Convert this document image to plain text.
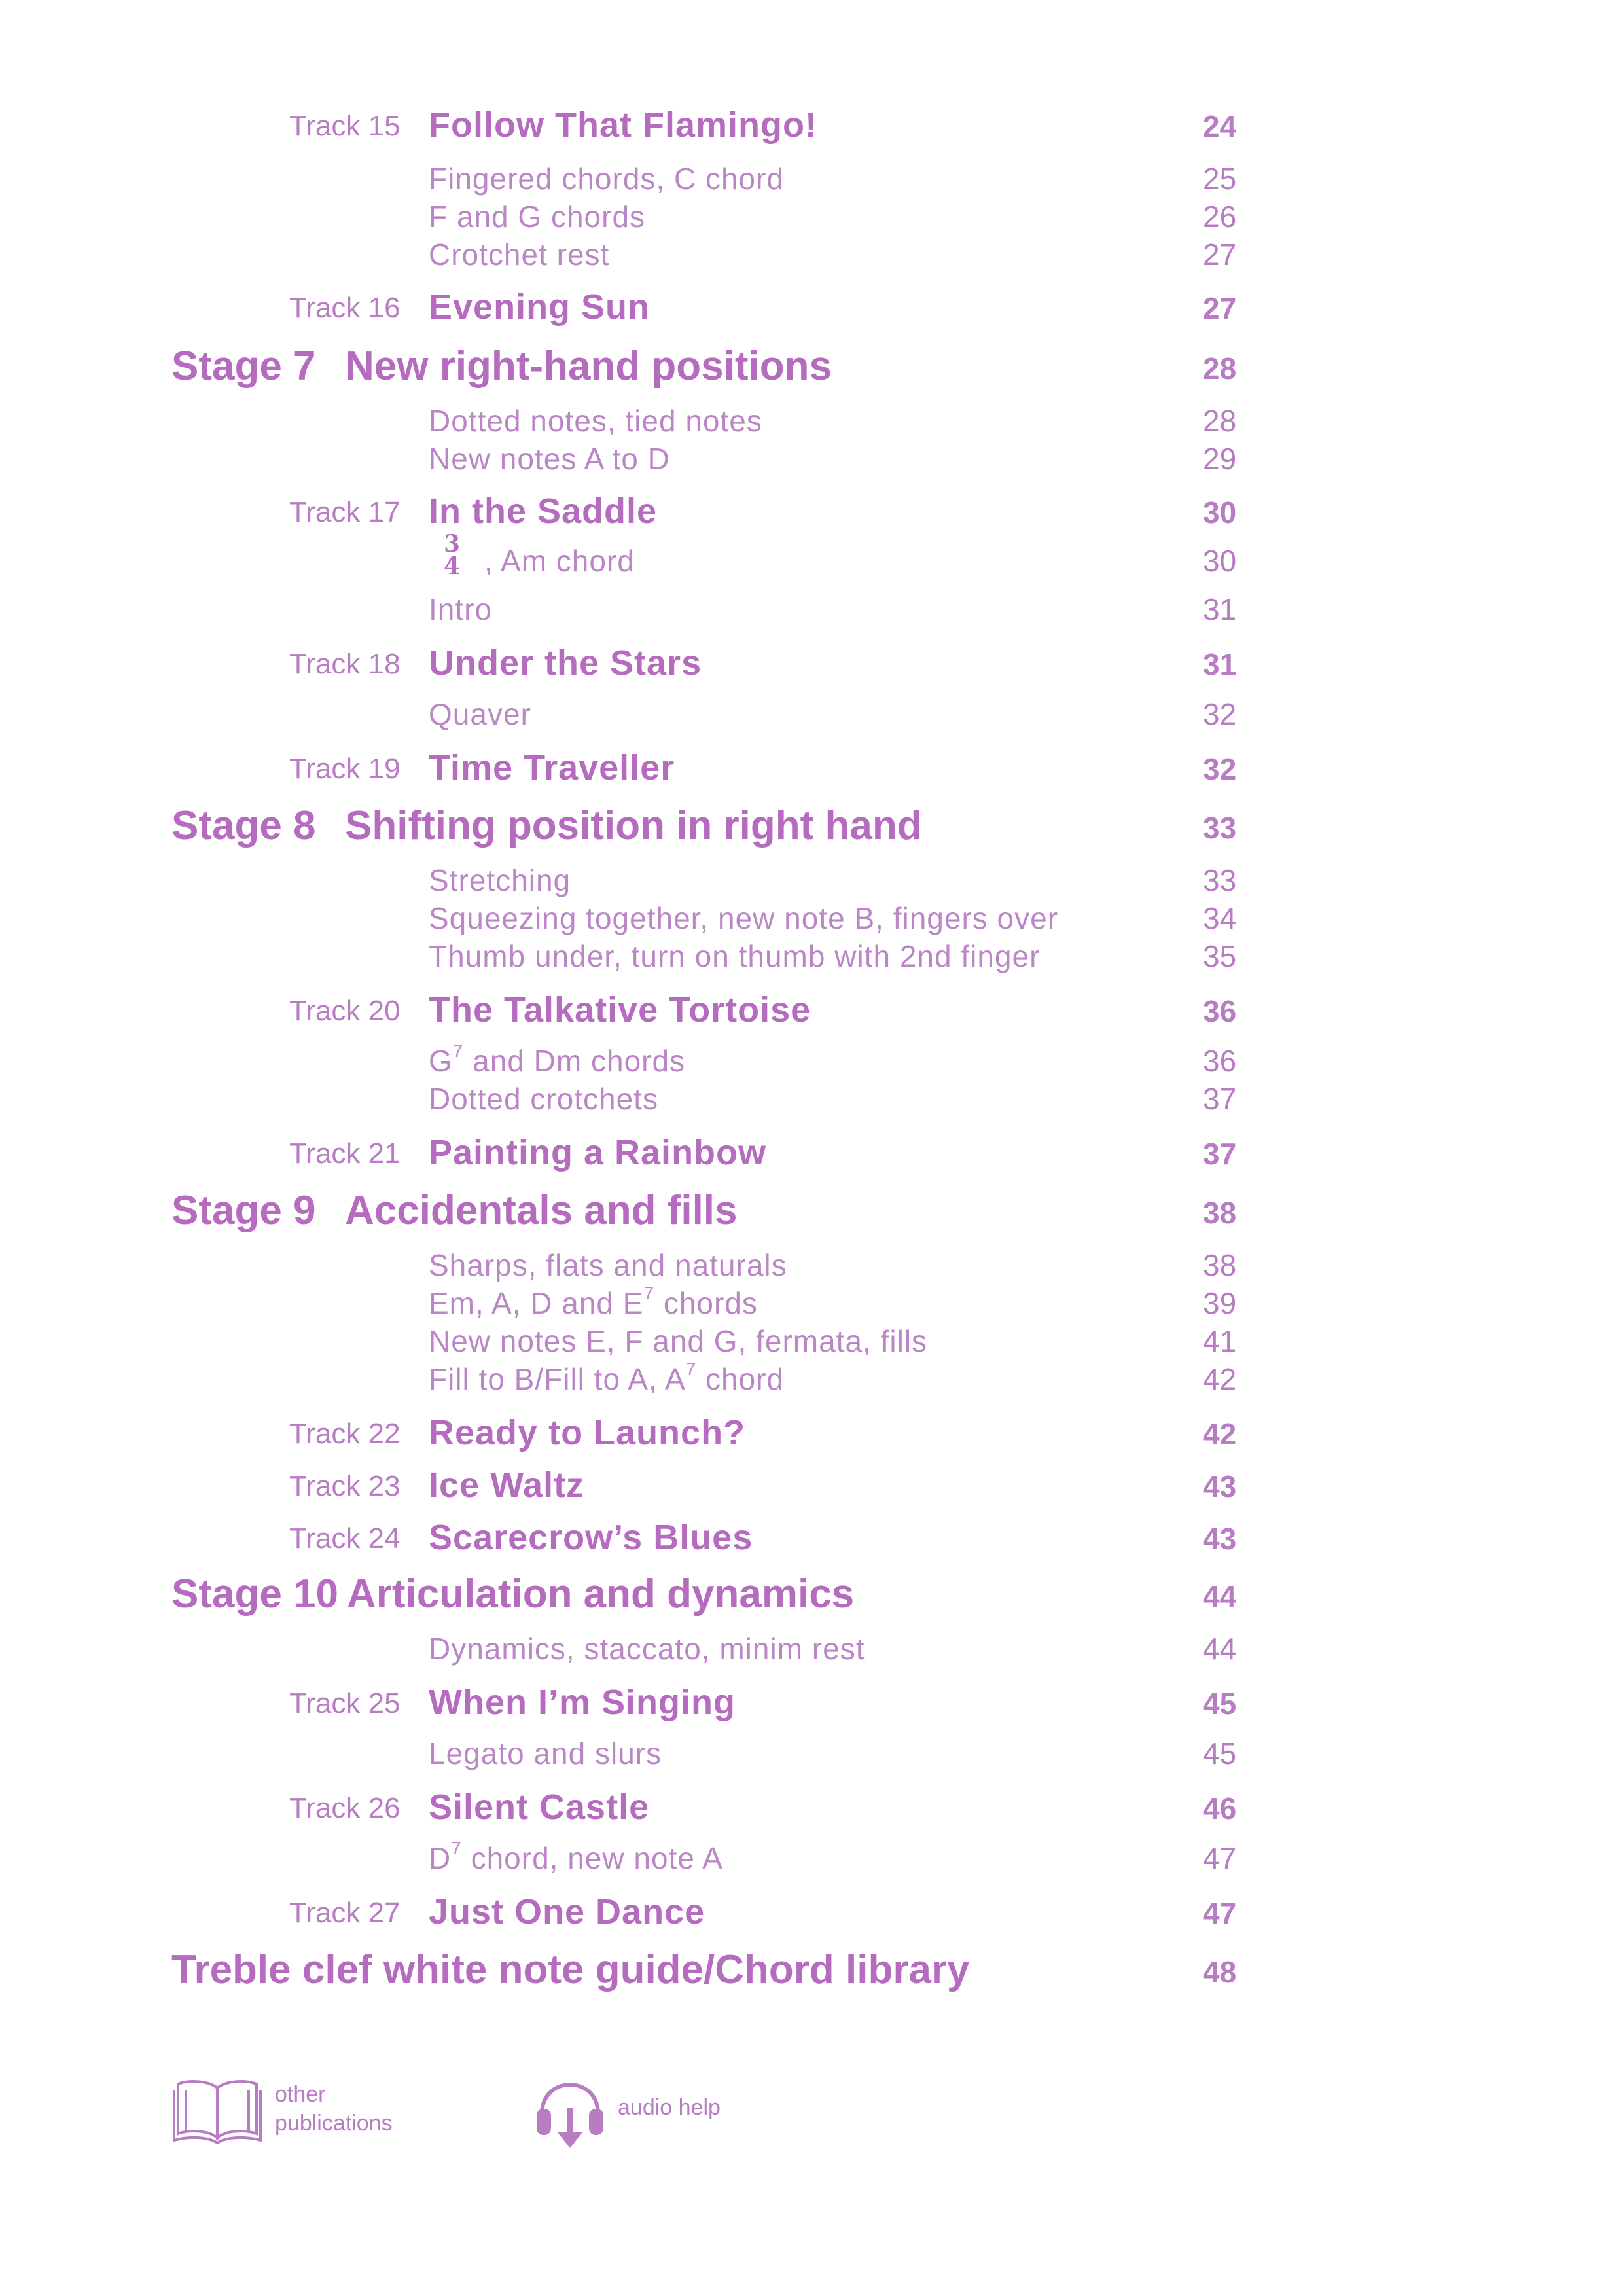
Track 15 Follow That Flamingo!	24
Fingered chords, C chord	25
F and G chords	26
Crotchet rest	27
Track 16 Evening Sun	27
Stage 7 New right-hand positions	28
Dotted notes, tied notes	28
New notes A to D	29
Track 17 In the Saddle	30
3
4 , Am chord	30
Intro	31
Track 18 Under the Stars	31
Quaver	32
Track 19 Time Traveller	32
Stage 8 Shifting position in right hand	33
Stretching	33
Squeezing together, new note B, fingers over	34
Thumb under, turn on thumb with 2nd finger	35
Track 20 The Talkative Tortoise	36
$G^7$ and Dm chords	36
Dotted crotchets	37
Track 21 Painting a Rainbow	37
Stage 9 Accidentals and fills	38
Sharps, flats and naturals	38
Em, A, D and $E^7$ chords	39
New notes E, F and G, fermata, fills	41
Fill to B/Fill to A, $A^7$ chord	42
Track 22 Ready to Launch?	42
Track 23 Ice Waltz	43
Track 24 Scarecrow’s Blues	43
Stage 10 Articulation and dynamics	44
Dynamics, staccato, minim rest	44
Track 25 When I’m Singing	45
Legato and slurs	45
Track 26 Silent Castle	46
$D^7$ chord, new note A	47
Track 27 Just One Dance	47
Treble clef white note guide/Chord library	48
other
publications
audio help
